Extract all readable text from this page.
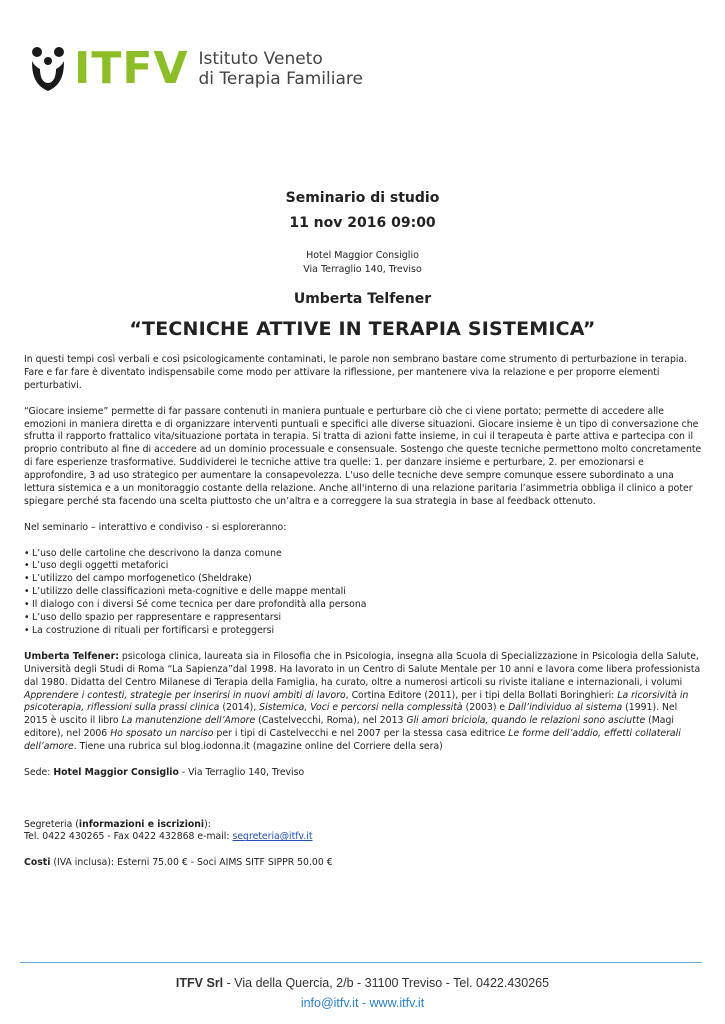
ITFV Istituto Veneto
di Terapia Familiare
Seminario di studio
11 nov 2016 09:00
Hotel Maggior Consiglio
Via Terraglio 140, Treviso
Umberta Telfener
“TECNICHE ATTIVE IN TERAPIA SISTEMICA”

In questi tempi così verbali e così psicologicamente contaminati, le parole non sembrano bastare come strumento di perturbazione in terapia. Fare e far fare è diventato indispensabile come modo per attivare la riflessione, per mantenere viva la relazione e per proporre elementi perturbativi.

“Giocare insieme” permette di far passare contenuti in maniera puntuale e perturbare ciò che ci viene portato; permette di accedere alle emozioni in maniera diretta e di organizzare interventi puntuali e specifici alle diverse situazioni. Giocare insieme è un tipo di conversazione che sfrutta il rapporto frattalico vita/situazione portata in terapia. Si tratta di azioni fatte insieme, in cui il terapeuta è parte attiva e partecipa con il proprio contributo al fine di accedere ad un dominio processuale e consensuale. Sostengo che queste tecniche permettono molto concretamente di fare esperienze trasformative. Suddividerei le tecniche attive tra quelle: 1. per danzare insieme e perturbare, 2. per emozionarsi e approfondire, 3 ad uso strategico per aumentare la consapevolezza. L'uso delle tecniche deve sempre comunque essere subordinato a una lettura sistemica e a un monitoraggio costante della relazione. Anche all'interno di una relazione paritaria l’asimmetria obbliga il clinico a poter spiegare perché sta facendo una scelta piuttosto che un’altra e a correggere la sua strategia in base al feedback ottenuto.

Nel seminario – interattivo e condiviso - si esploreranno:

• L’uso delle cartoline che descrivono la danza comune
• L’uso degli oggetti metaforici
• L’utilizzo del campo morfogenetico (Sheldrake)
• L’utilizzo delle classificazioni meta-cognitive e delle mappe mentali
• Il dialogo con i diversi Sé come tecnica per dare profondità alla persona
• L’uso dello spazio per rappresentare e rappresentarsi
• La costruzione di rituali per fortificarsi e proteggersi

Umberta Telfener: psicologa clinica, laureata sia in Filosofia che in Psicologia, insegna alla Scuola di Specializzazione in Psicologia della Salute, Università degli Studi di Roma “La Sapienza”dal 1998. Ha lavorato in un Centro di Salute Mentale per 10 anni e lavora come libera professionista dal 1980. Didatta del Centro Milanese di Terapia della Famiglia, ha curato, oltre a numerosi articoli su riviste italiane e internazionali, i volumi Apprendere i contesti, strategie per inserirsi in nuovi ambiti di lavoro, Cortina Editore (2011), per i tipi della Bollati Boringhieri: La ricorsività in psicoterapia, riflessioni sulla prassi clinica (2014), Sistemica, Voci e percorsi nella complessità (2003) e Dall’individuo al sistema (1991). Nel 2015 è uscito il libro La manutenzione dell’Amore (Castelvecchi, Roma), nel 2013 Gli amori briciola, quando le relazioni sono asciutte (Magi editore), nel 2006 Ho sposato un narciso per i tipi di Castelvecchi e nel 2007 per la stessa casa editrice Le forme dell’addio, effetti collaterali dell’amore. Tiene una rubrica sul blog.iodonna.it (magazine online del Corriere della sera)

Sede: Hotel Maggior Consiglio - Via Terraglio 140, Treviso

Segreteria (informazioni e iscrizioni):

Tel. 0422 430265 - Fax 0422 432868 e-mail: segreteria@itfv.it

Costi (IVA inclusa): Esterni 75.00 € - Soci AIMS SITF SIPPR 50.00 €

ITFV Srl - Via della Quercia, 2/b - 31100 Treviso - Tel. 0422.430265
info@itfv.it - www.itfv.it
